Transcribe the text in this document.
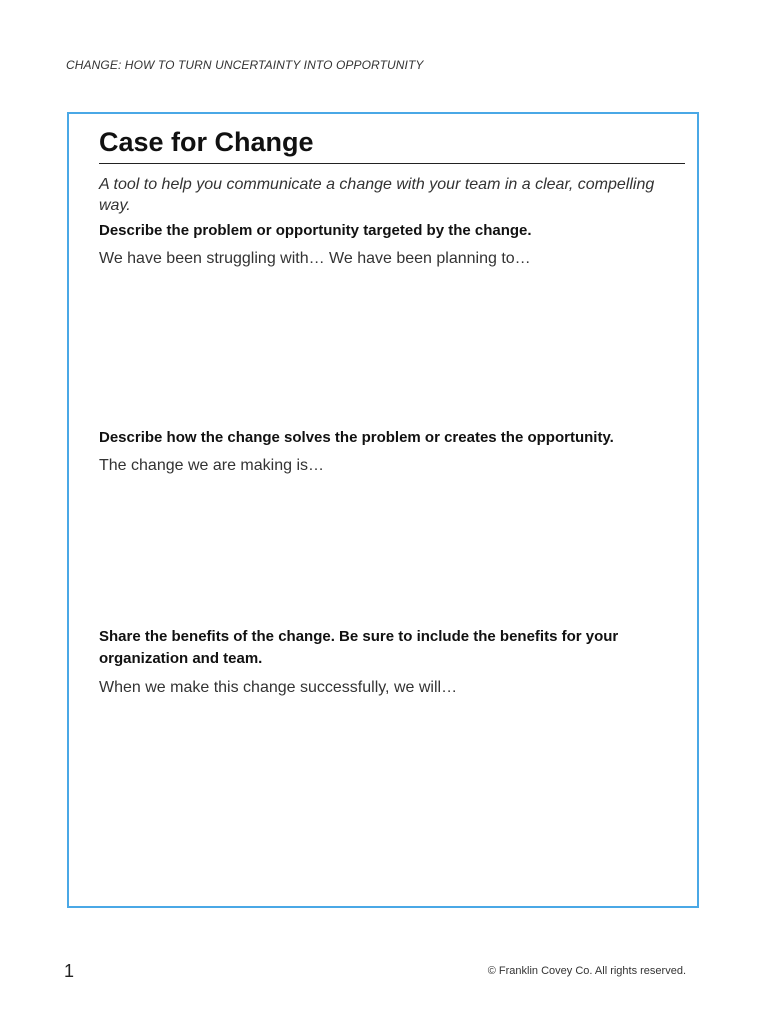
CHANGE: HOW TO TURN UNCERTAINTY INTO OPPORTUNITY
Case for Change
A tool to help you communicate a change with your team in a clear, compelling way.
Describe the problem or opportunity targeted by the change.
We have been struggling with… We have been planning to…
Describe how the change solves the problem or creates the opportunity.
The change we are making is…
Share the benefits of the change. Be sure to include the benefits for your organization and team.
When we make this change successfully, we will…
1	© Franklin Covey Co. All rights reserved.
